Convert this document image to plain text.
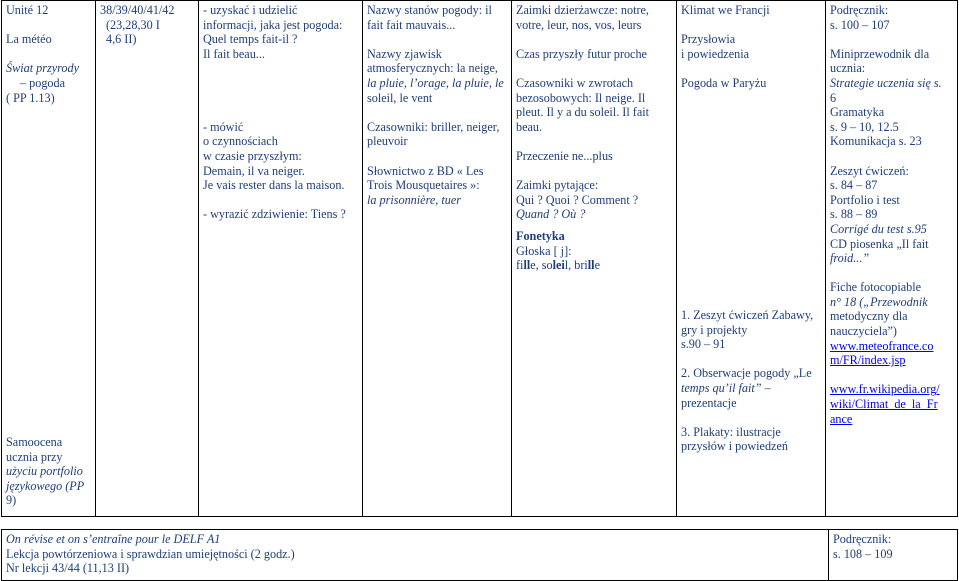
Unité 12
La météo
Świat przyrody
– pogoda
( PP 1.13)
Samoocena
ucznia przy
użyciu portfolio
językowego (PP
9)

38/39/40/41/42
(23,28,30 I
4,6 II)

- uzyskać i udzielić
informacji, jaka jest pogoda:
Quel temps fait-il ?
Il fait beau...
- mówić
o czynnościach
w czasie przyszłym:
Demain, il va neiger.
Je vais rester dans la maison.
- wyrazić zdziwienie: Tiens ?

Nazwy stanów pogody: il
fait fait mauvais...
Nazwy zjawisk
atmosferycznych: la neige,
la pluie, l’orage, la pluie, le
soleil, le vent
Czasowniki: briller, neiger,
pleuvoir
Słownictwo z BD « Les
Trois Mousquetaires »:
la prisonnière, tuer

Zaimki dzierżawcze: notre,
votre, leur, nos, vos, leurs
Czas przyszły futur proche
Czasowniki w zwrotach
bezosobowych: Il neige. Il
pleut. Il y a du soleil. Il fait
beau.
Przeczenie ne...plus
Zaimki pytające:
Qui ? Quoi ? Comment ?
Quand ? Où ?
Fonetyka
Głoska [ j]:
fille, soleil, brille

Klimat we Francji
Przysłowia
i powiedzenia
Pogoda w Paryżu
1. Zeszyt ćwiczeń Zabawy,
gry i projekty
s.90 – 91
2. Obserwacje pogody „Le
temps qu’il fait” –
prezentacje
3. Plakaty: ilustracje
przysłów i powiedzeń

Podręcznik:
s. 100 – 107
Miniprzewodnik dla
ucznia:
Strategie uczenia się s.
6
Gramatyka
s. 9 – 10, 12.5
Komunikacja s. 23
Zeszyt ćwiczeń:
s. 84 – 87
Portfolio i test
s. 88 – 89
Corrigé du test s.95
CD piosenka „Il fait
froid...”
Fiche fotocopiable
n° 18 („Przewodnik
metodyczny dla
nauczyciela”)
www.meteofrance.co
m/FR/index.jsp
www.fr.wikipedia.org/
wiki/Climat_de_la_Fr
ance
On révise et on s’entraîne pour le DELF A1
Lekcja powtórzeniowa i sprawdzian umiejętności (2 godz.)
Nr lekcji 43/44 (11,13 II)

Podręcznik:
s. 108 – 109
